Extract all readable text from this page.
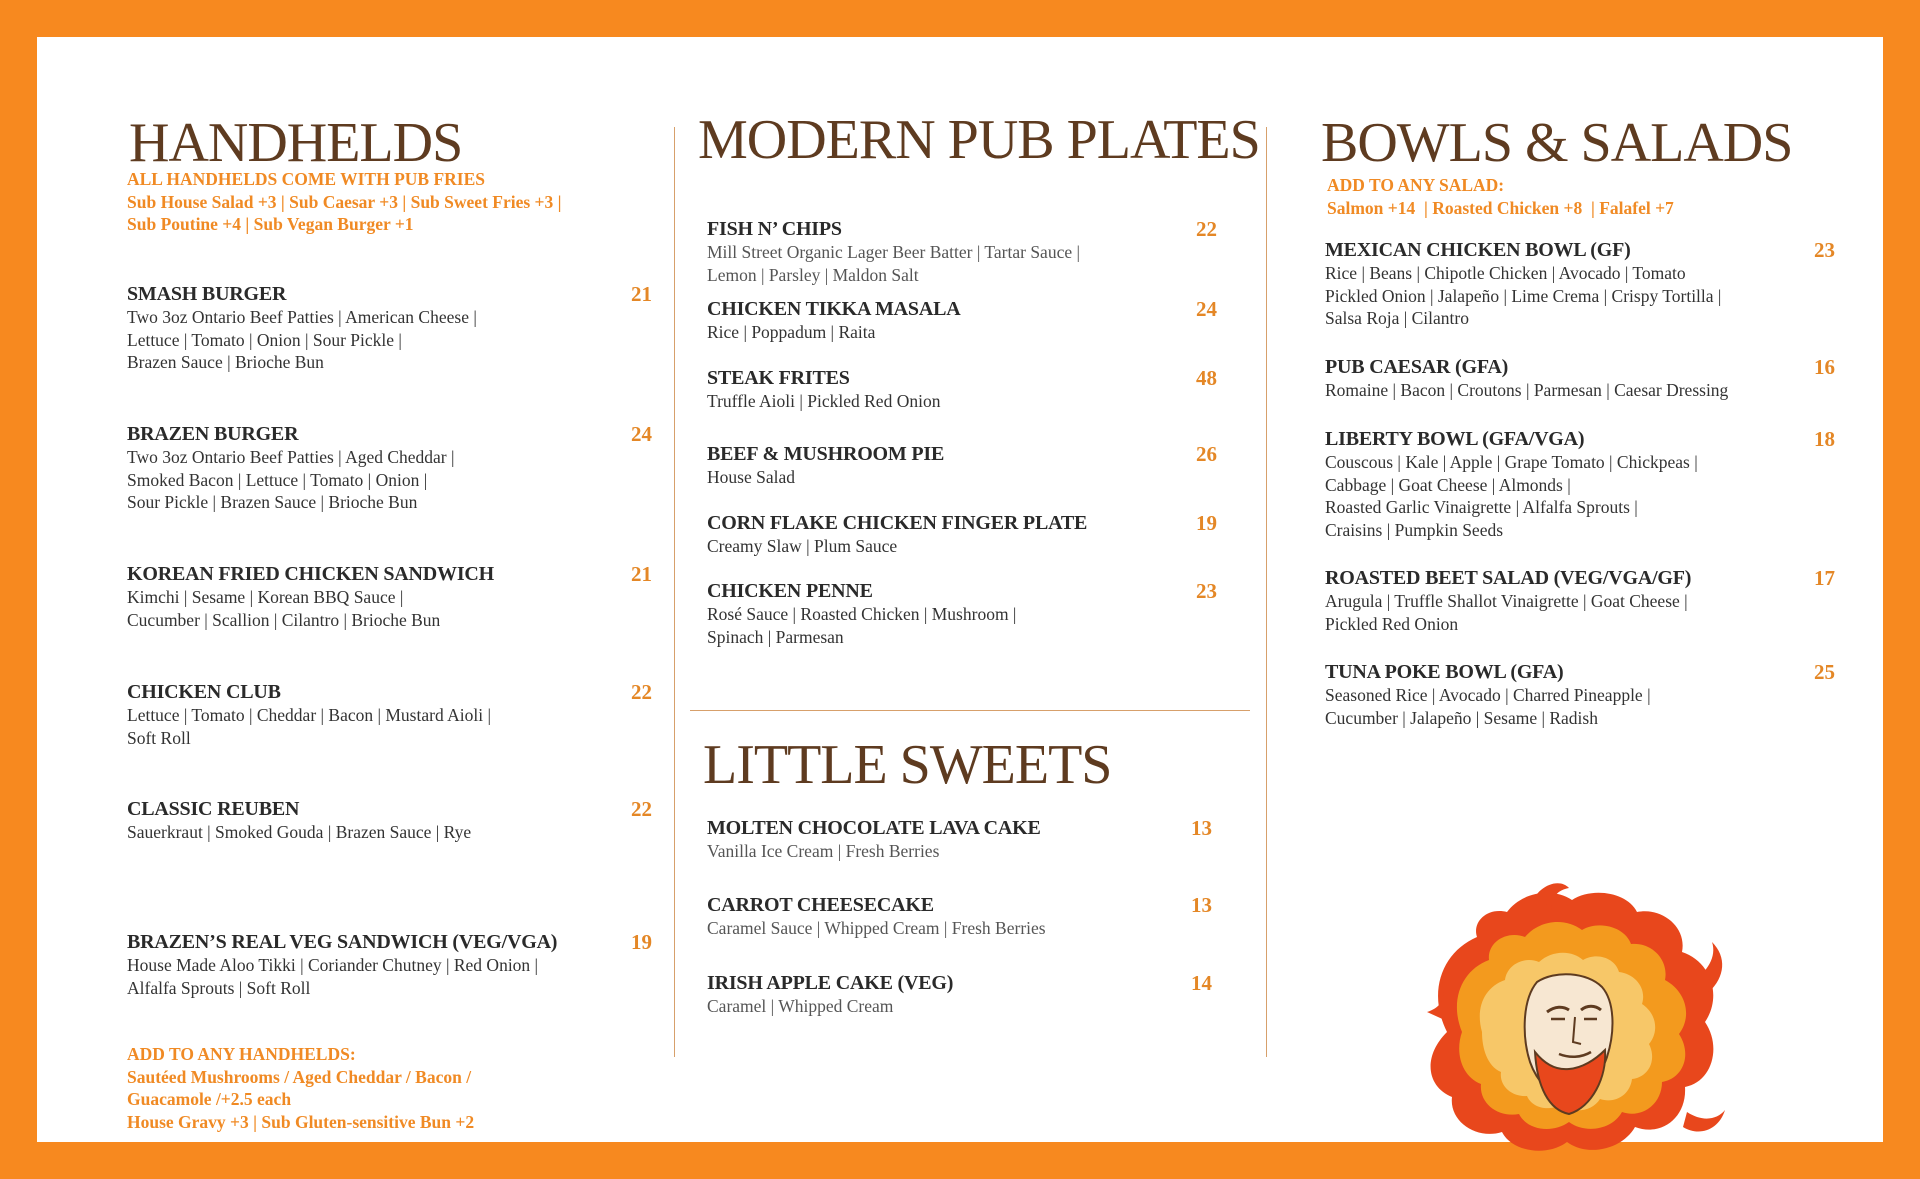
HANDHELDS
ALL HANDHELDS COME WITH PUB FRIES
Sub House Salad +3 | Sub Caesar +3 | Sub Sweet Fries +3 |
Sub Poutine +4 | Sub Vegan Burger +1
SMASH BURGER	21
Two 3oz Ontario Beef Patties | American Cheese |
Lettuce | Tomato | Onion | Sour Pickle |
Brazen Sauce | Brioche Bun
BRAZEN BURGER	24
Two 3oz Ontario Beef Patties | Aged Cheddar |
Smoked Bacon | Lettuce | Tomato | Onion |
Sour Pickle | Brazen Sauce | Brioche Bun
KOREAN FRIED CHICKEN SANDWICH	21
Kimchi | Sesame | Korean BBQ Sauce |
Cucumber | Scallion | Cilantro | Brioche Bun
CHICKEN CLUB	22
Lettuce | Tomato | Cheddar | Bacon | Mustard Aioli |
Soft Roll
CLASSIC REUBEN	22
Sauerkraut | Smoked Gouda | Brazen Sauce | Rye
BRAZEN’S REAL VEG SANDWICH (VEG/VGA)	19
House Made Aloo Tikki | Coriander Chutney | Red Onion |
Alfalfa Sprouts | Soft Roll
ADD TO ANY HANDHELDS:
Sautéed Mushrooms / Aged Cheddar / Bacon /
Guacamole /+2.5 each
House Gravy +3 | Sub Gluten-sensitive Bun +2
MODERN PUB PLATES
FISH N’ CHIPS	22
Mill Street Organic Lager Beer Batter | Tartar Sauce |
Lemon | Parsley | Maldon Salt
CHICKEN TIKKA MASALA	24
Rice | Poppadum | Raita
STEAK FRITES	48
Truffle Aioli | Pickled Red Onion
BEEF & MUSHROOM PIE	26
House Salad
CORN FLAKE CHICKEN FINGER PLATE	19
Creamy Slaw | Plum Sauce
CHICKEN PENNE	23
Rosé Sauce | Roasted Chicken | Mushroom |
Spinach | Parmesan
LITTLE SWEETS
MOLTEN CHOCOLATE LAVA CAKE	13
Vanilla Ice Cream | Fresh Berries
CARROT CHEESECAKE	13
Caramel Sauce | Whipped Cream | Fresh Berries
IRISH APPLE CAKE (VEG)	14
Caramel | Whipped Cream
BOWLS & SALADS
ADD TO ANY SALAD:
Salmon +14  | Roasted Chicken +8  | Falafel +7
MEXICAN CHICKEN BOWL (GF)	23
Rice | Beans | Chipotle Chicken | Avocado | Tomato
Pickled Onion | Jalapeño | Lime Crema | Crispy Tortilla |
Salsa Roja | Cilantro
PUB CAESAR (GFA)	16
Romaine | Bacon | Croutons | Parmesan | Caesar Dressing
LIBERTY BOWL (GFA/VGA)	18
Couscous | Kale | Apple | Grape Tomato | Chickpeas |
Cabbage | Goat Cheese | Almonds |
Roasted Garlic Vinaigrette | Alfalfa Sprouts |
Craisins | Pumpkin Seeds
ROASTED BEET SALAD (VEG/VGA/GF)	17
Arugula | Truffle Shallot Vinaigrette | Goat Cheese |
Pickled Red Onion
TUNA POKE BOWL (GFA)	25
Seasoned Rice | Avocado | Charred Pineapple |
Cucumber | Jalapeño | Sesame | Radish
